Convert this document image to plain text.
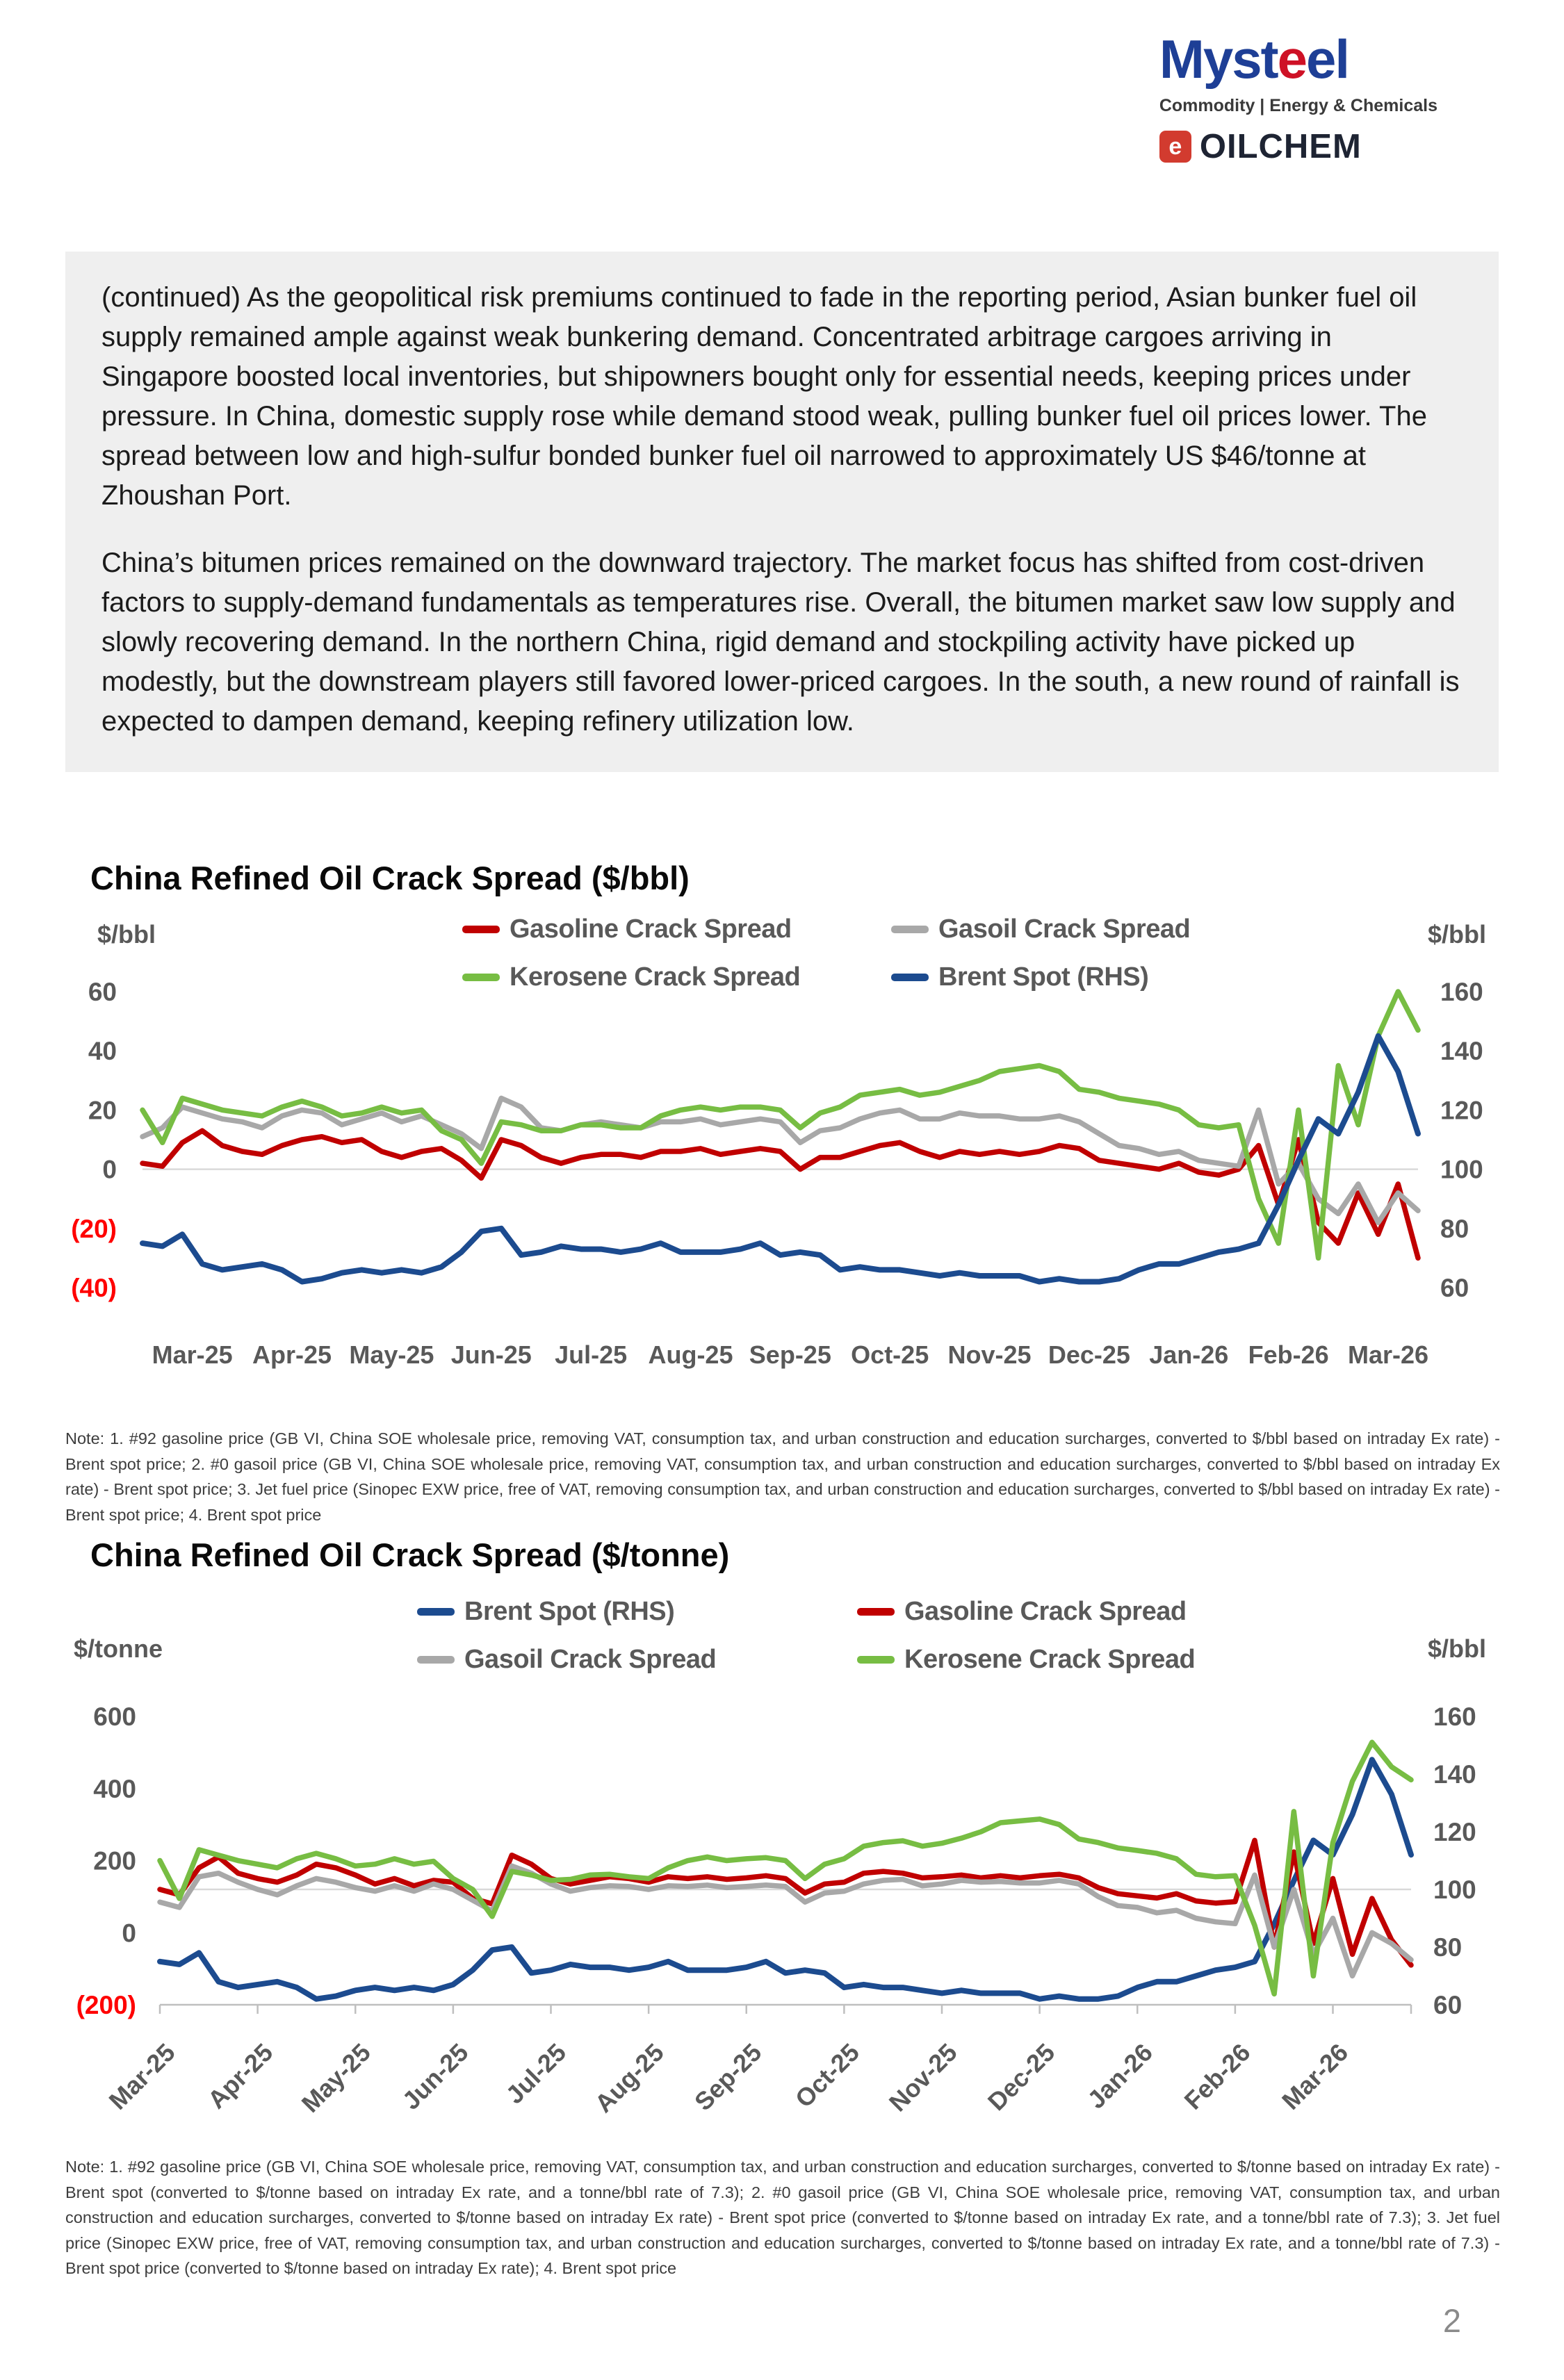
Mysteel
Commodity | Energy & Chemicals
e OILCHEM

(continued) As the geopolitical risk premiums continued to fade in the reporting period, Asian bunker fuel oil supply remained ample against weak bunkering demand. Concentrated arbitrage cargoes arriving in Singapore boosted local inventories, but shipowners bought only for essential needs, keeping prices under pressure. In China, domestic supply rose while demand stood weak, pulling bunker fuel oil prices lower. The spread between low and high-sulfur bonded bunker fuel oil narrowed to approximately US $46/tonne at Zhoushan Port.

China’s bitumen prices remained on the downward trajectory. The market focus has shifted from cost-driven factors to supply-demand fundamentals as temperatures rise. Overall, the bitumen market saw low supply and slowly recovering demand. In the northern China, rigid demand and stockpiling activity have picked up modestly, but the downstream players still favored lower-priced cargoes. In the south, a new round of rainfall is expected to dampen demand, keeping refinery utilization low.

China Refined Oil Crack Spread ($/bbl)
Gasoline Crack Spread	Gasoil Crack Spread
Kerosene Crack Spread	Brent Spot (RHS)
$/bbl	$/bbl

Note: 1. #92 gasoline price (GB VI, China SOE wholesale price, removing VAT, consumption tax, and urban construction and education surcharges, converted to $/bbl based on intraday Ex rate) - Brent spot price; 2. #0 gasoil price (GB VI, China SOE wholesale price, removing VAT, consumption tax, and urban construction and education surcharges, converted to $/bbl based on intraday Ex rate) - Brent spot price; 3. Jet fuel price (Sinopec EXW price, free of VAT, removing consumption tax, and urban construction and education surcharges, converted to $/bbl based on intraday Ex rate) - Brent spot price; 4. Brent spot price

China Refined Oil Crack Spread ($/tonne)
Brent Spot (RHS)	Gasoline Crack Spread
Gasoil Crack Spread	Kerosene Crack Spread
$/tonne	$/bbl

Note: 1. #92 gasoline price (GB VI, China SOE wholesale price, removing VAT, consumption tax, and urban construction and education surcharges, converted to $/tonne based on intraday Ex rate) - Brent spot (converted to $/tonne based on intraday Ex rate, and a tonne/bbl rate of 7.3); 2. #0 gasoil price (GB VI, China SOE wholesale price, removing VAT, consumption tax, and urban construction and education surcharges, converted to $/tonne based on intraday Ex rate) - Brent spot price (converted to $/tonne based on intraday Ex rate, and a tonne/bbl rate of 7.3); 3. Jet fuel price (Sinopec EXW price, free of VAT, removing consumption tax, and urban construction and education surcharges, converted to $/tonne based on intraday Ex rate, and a tonne/bbl rate of 7.3) - Brent spot price (converted to $/tonne based on intraday Ex rate); 4. Brent spot price

60
40
20
0
(20)
(40)
160
140
120
100
80
60
Mar-25 Apr-25 May-25 Jun-25 Jul-25 Aug-25 Sep-25 Oct-25 Nov-25 Dec-25 Jan-26 Feb-26 Mar-26
600
400
200
0
(200)
160
140
120
100
80
60
Mar-25 Apr-25 May-25 Jun-25 Jul-25 Aug-25 Sep-25 Oct-25 Nov-25 Dec-25 Jan-26 Feb-26 Mar-26
2
